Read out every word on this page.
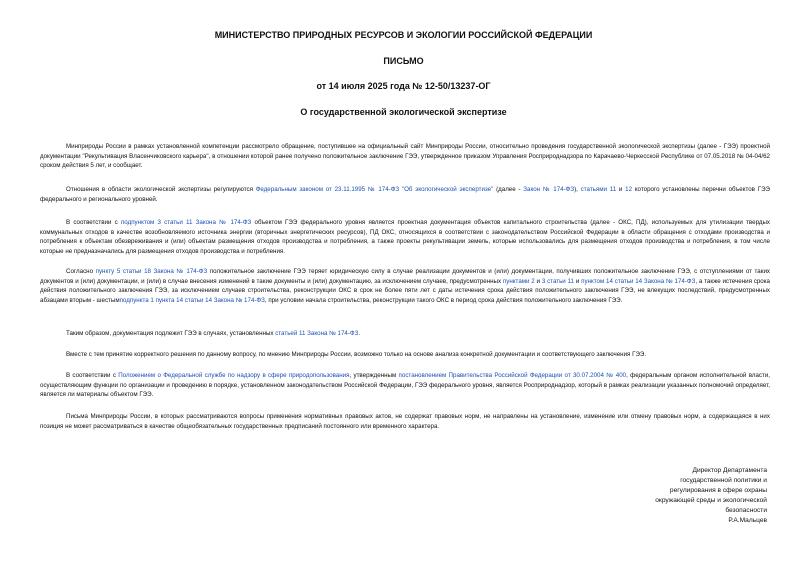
МИНИСТЕРСТВО ПРИРОДНЫХ РЕСУРСОВ И ЭКОЛОГИИ РОССИЙСКОЙ ФЕДЕРАЦИИ
ПИСЬМО
от 14 июля 2025 года № 12-50/13237-ОГ
О государственной экологической экспертизе

Минприроды России в рамках установленной компетенции рассмотрело обращение, поступившее на официальный сайт Минприроды России, относительно проведения государственной экологической экспертизы (далее - ГЭЭ) проектной документации "Рекультивация Власенчиковского карьера", в отношении которой ранее получено положительное заключение ГЭЭ, утвержденное приказом Управления Росприроднадзора по Карачаево-Черкесской Республике от 07.05.2018 № 04-04/62 сроком действия 5 лет, и сообщает.

Отношения в области экологической экспертизы регулируются Федеральным законом от 23.11.1995 № 174-ФЗ "Об экологической экспертизе" (далее - Закон № 174-ФЗ), статьями 11 и 12 которого установлены перечни объектов ГЭЭ федерального и регионального уровней.

В соответствии с подпунктом 3 статьи 11 Закона № 174-ФЗ объектом ГЭЭ федерального уровня является проектная документация объектов капитального строительства (далее - ОКС, ПД), используемых для утилизации твердых коммунальных отходов в качестве возобновляемого источника энергии (вторичных энергетических ресурсов), ПД ОКС, относящихся в соответствии с законодательством Российской Федерации в области обращения с отходами производства и потребления к объектам обезвреживания и (или) объектам размещения отходов производства и потребления, а также проекты рекультивации земель, которые использовались для размещения отходов производства и потребления, в том числе которые не предназначались для размещения отходов производства и потребления.

Согласно пункту 5 статьи 18 Закона № 174-ФЗ положительное заключение ГЭЭ теряет юридическую силу в случае реализации документов и (или) документации, получивших положительное заключение ГЭЭ, с отступлениями от таких документов и (или) документации, и (или) в случае внесения изменений в такие документы и (или) документацию, за исключением случаев, предусмотренных пунктами 2 и 3 статьи 11 и пунктом 14 статьи 14 Закона № 174-ФЗ, а также истечения срока действия положительного заключения ГЭЭ, за исключением случаев строительства, реконструкции ОКС в срок не более пяти лет с даты истечения срока действия положительного заключения ГЭЭ, не влекущих последствий, предусмотренных абзацами вторым - шестымподпункта 1 пункта 14 статьи 14 Закона № 174-ФЗ, при условии начала строительства, реконструкции такого ОКС в период срока действия положительного заключения ГЭЭ.

Таким образом, документация подлежит ГЭЭ в случаях, установленных статьей 11 Закона № 174-ФЗ.

Вместе с тем принятие корректного решения по данному вопросу, по мнению Минприроды России, возможно только на основе анализа конкретной документации и соответствующего заключения ГЭЭ.

В соответствии с Положением о Федеральной службе по надзору в сфере природопользования, утвержденным постановлением Правительства Российской Федерации от 30.07.2004 № 400, федеральным органом исполнительной власти, осуществляющим функции по организации и проведению в порядке, установленном законодательством Российской Федерации, ГЭЭ федерального уровня, является Росприроднадзор, который в рамках реализации указанных полномочий определяет, является ли материалы объектом ГЭЭ.

Письма Минприроды России, в которых рассматриваются вопросы применения нормативных правовых актов, не содержат правовых норм, не направлены на установление, изменение или отмену правовых норм, а содержащаяся в них позиция не может рассматриваться в качестве общеобязательных государственных предписаний постоянного или временного характера.

Директор Департамента
государственной политики и
регулирования в сфере охраны
окружающей среды и экологической
безопасности
Р.А.Мальцев
